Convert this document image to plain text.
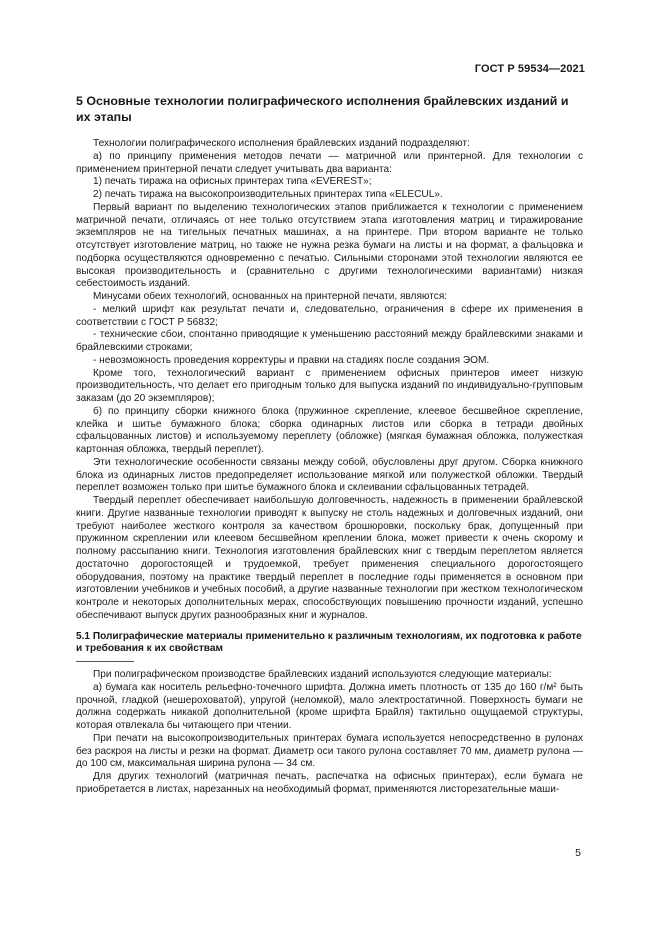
ГОСТ Р 59534—2021
5 Основные технологии полиграфического исполнения брайлевских изданий и их этапы

Технологии полиграфического исполнения брайлевских изданий подразделяют:

а) по принципу применения методов печати — матричной или принтерной. Для технологии с применением принтерной печати следует учитывать два варианта:

1) печать тиража на офисных принтерах типа «EVEREST»;

2) печать тиража на высокопроизводительных принтерах типа «ELECUL».

Первый вариант по выделению технологических этапов приближается к технологии с применением матричной печати, отличаясь от нее только отсутствием этапа изготовления матриц и тиражирование экземпляров не на тигельных печатных машинах, а на принтере. При втором варианте не только отсутствует изготовление матриц, но также не нужна резка бумаги на листы и на формат, а фальцовка и подборка осуществляются одновременно с печатью. Сильными сторонами этой технологии являются ее высокая производительность и (сравнительно с другими технологическими вариантами) низкая себестоимость изданий.

Минусами обеих технологий, основанных на принтерной печати, являются:

- мелкий шрифт как результат печати и, следовательно, ограничения в сфере их применения в соответствии с ГОСТ Р 56832;

- технические сбои, спонтанно приводящие к уменьшению расстояний между брайлевскими знаками и брайлевскими строками;

- невозможность проведения корректуры и правки на стадиях после создания ЭОМ.

Кроме того, технологический вариант с применением офисных принтеров имеет низкую производительность, что делает его пригодным только для выпуска изданий по индивидуально-групповым заказам (до 20 экземпляров);

б) по принципу сборки книжного блока (пружинное скрепление, клеевое бесшвейное скрепление, клейка и шитье бумажного блока; сборка одинарных листов или сборка в тетради двойных сфальцованных листов) и используемому переплету (обложке) (мягкая бумажная обложка, полужесткая картонная обложка, твердый переплет).

Эти технологические особенности связаны между собой, обусловлены друг другом. Сборка книжного блока из одинарных листов предопределяет использование мягкой или полужесткой обложки. Твердый переплет возможен только при шитье бумажного блока и склеивании сфальцованных тетрадей.

Твердый переплет обеспечивает наибольшую долговечность, надежность в применении брайлевской книги. Другие названные технологии приводят к выпуску не столь надежных и долговечных изданий, они требуют наиболее жесткого контроля за качеством брошюровки, поскольку брак, допущенный при пружинном скреплении или клеевом бесшвейном креплении блока, может привести к очень скорому и полному рассыпанию книги. Технология изготовления брайлевских книг с твердым переплетом является достаточно дорогостоящей и трудоемкой, требует применения специального дорогостоящего оборудования, поэтому на практике твердый переплет в последние годы применяется в основном при изготовлении учебников и учебных пособий, а другие названные технологии при жестком технологическом контроле и некоторых дополнительных мерах, способствующих повышению прочности изданий, успешно обеспечивают выпуск других разнообразных книг и журналов.

5.1 Полиграфические материалы применительно к различным технологиям, их подготовка к работе и требования к их свойствам

При полиграфическом производстве брайлевских изданий используются следующие материалы:

а) бумага как носитель рельефно-точечного шрифта. Должна иметь плотность от 135 до 160 г/м² быть прочной, гладкой (нешероховатой), упругой (неломкой), мало электростатичной. Поверхность бумаги не должна содержать никакой дополнительной (кроме шрифта Брайля) тактильно ощущаемой структуры, которая отвлекала бы читающего при чтении.

При печати на высокопроизводительных принтерах бумага используется непосредственно в рулонах без раскроя на листы и резки на формат. Диаметр оси такого рулона составляет 70 мм, диаметр рулона — до 100 см, максимальная ширина рулона — 34 см.

Для других технологий (матричная печать, распечатка на офисных принтерах), если бумага не приобретается в листах, нарезанных на необходимый формат, применяются листорезательные маши-

5
